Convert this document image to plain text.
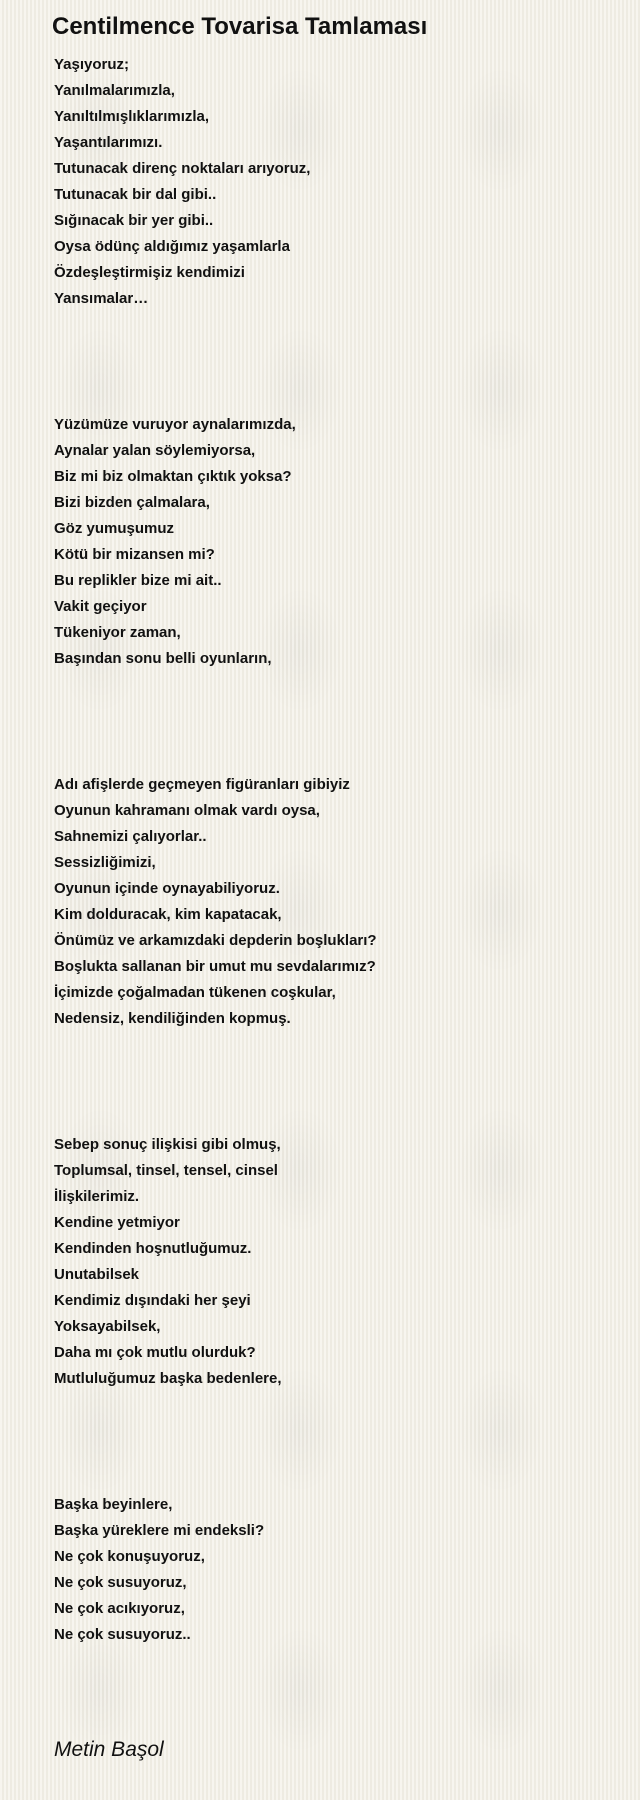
Centilmence Tovarisa Tamlaması
Yaşıyoruz;
Yanılmalarımızla,
Yanıltılmışlıklarımızla,
Yaşantılarımızı.
Tutunacak direnç noktaları arıyoruz,
Tutunacak bir dal gibi..
Sığınacak bir yer gibi..
Oysa ödünç aldığımız yaşamlarla
Özdeşleştirmişiz kendimizi
Yansımalar…
Yüzümüze vuruyor aynalarımızda,
Aynalar yalan söylemiyorsa,
Biz mi biz olmaktan çıktık yoksa?
Bizi bizden çalmalara,
Göz yumuşumuz
Kötü bir mizansen mi?
Bu replikler bize mi ait..
Vakit geçiyor
Tükeniyor zaman,
Başından sonu belli oyunların,
Adı afişlerde geçmeyen figüranları gibiyiz
Oyunun kahramanı olmak vardı oysa,
Sahnemizi çalıyorlar..
Sessizliğimizi,
Oyunun içinde oynayabiliyoruz.
Kim dolduracak, kim kapatacak,
Önümüz ve arkamızdaki depderin boşlukları?
Boşlukta sallanan bir umut mu sevdalarımız?
İçimizde çoğalmadan tükenen coşkular,
Nedensiz, kendiliğinden kopmuş.
Sebep sonuç ilişkisi gibi olmuş,
Toplumsal, tinsel, tensel, cinsel
İlişkilerimiz.
Kendine yetmiyor
Kendinden hoşnutluğumuz.
Unutabilsek
Kendimiz dışındaki her şeyi
Yoksayabilsek,
Daha mı çok mutlu olurduk?
Mutluluğumuz başka bedenlere,
Başka beyinlere,
Başka yüreklere mi endeksli?
Ne çok konuşuyoruz,
Ne çok susuyoruz,
Ne çok acıkıyoruz,
Ne çok susuyoruz..
Metin Başol
